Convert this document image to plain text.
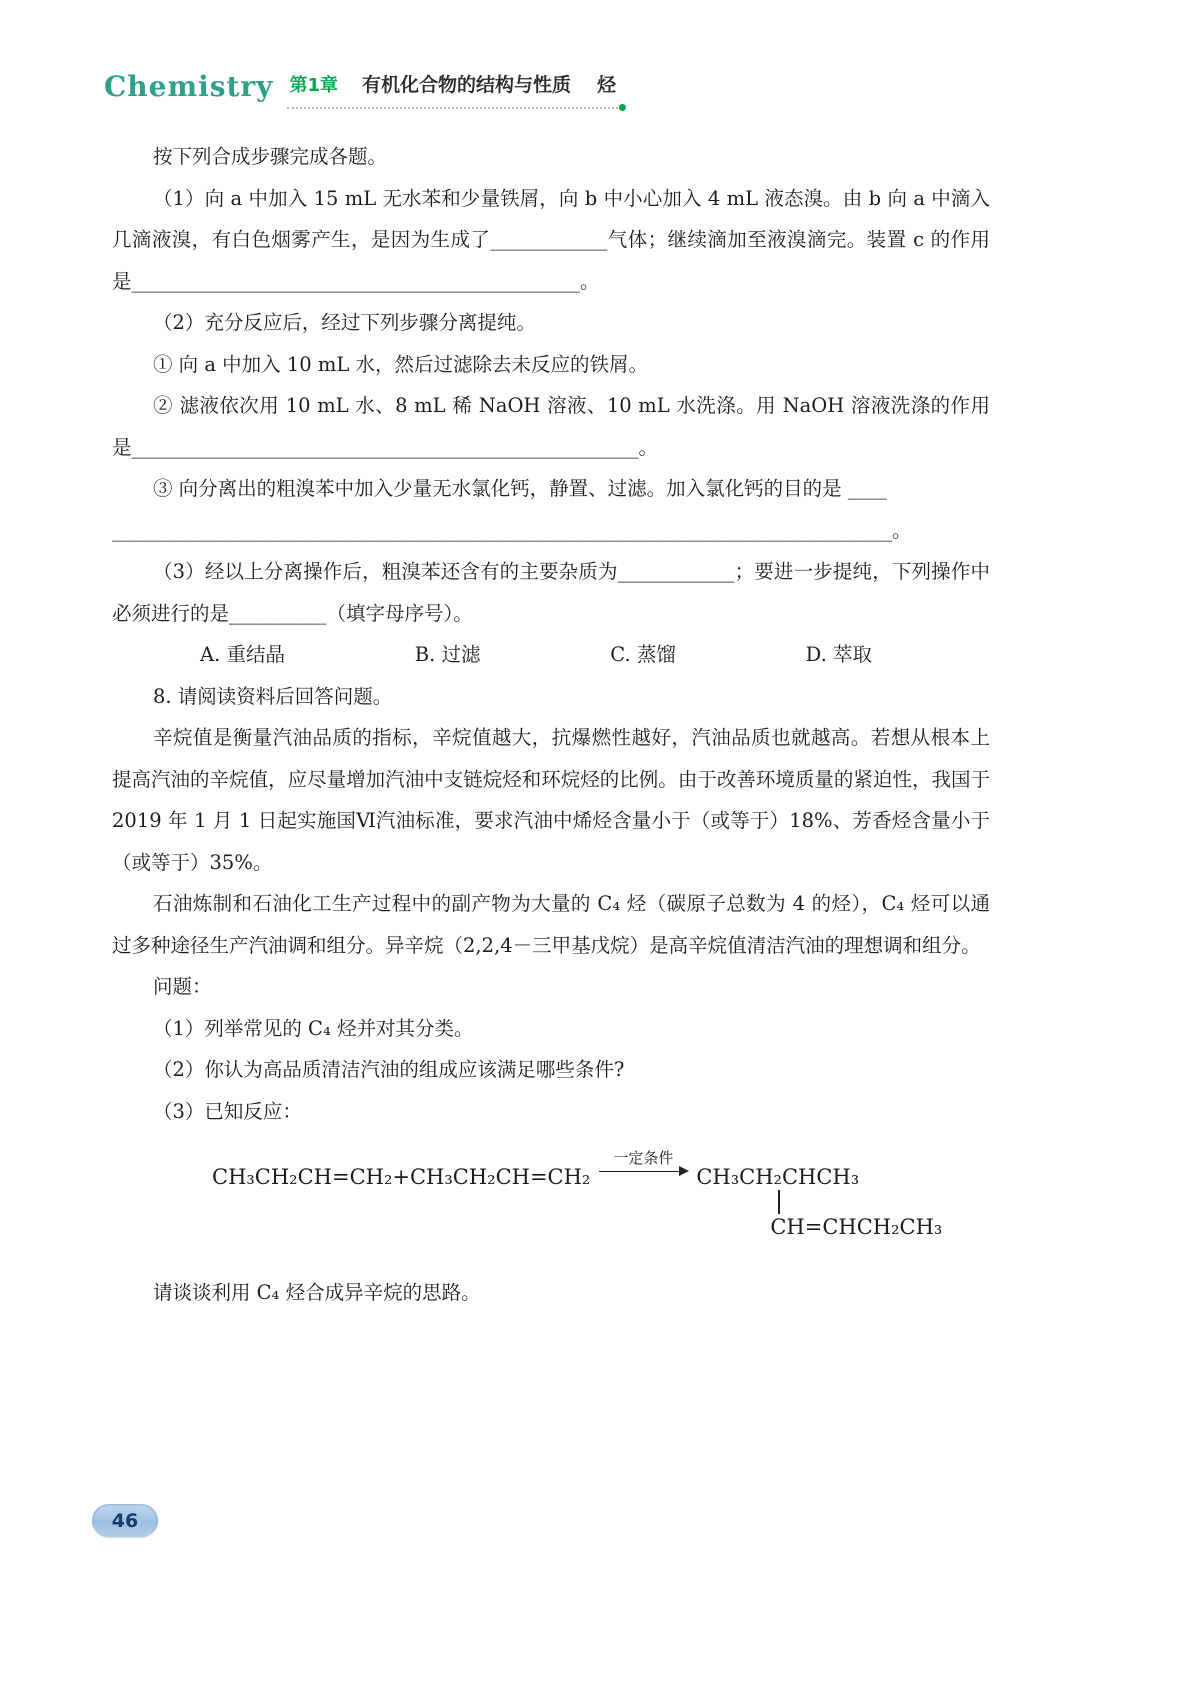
Chemistry 第1章 有机化合物的结构与性质 烃

按下列合成步骤完成各题。

（1）向 a 中加入 15 mL 无水苯和少量铁屑，向 b 中小心加入 4 mL 液态溴。由 b 向 a 中滴入几滴液溴，有白色烟雾产生，是因为生成了____________气体；继续滴加至液溴滴完。装置 c 的作用是______________________________________________。

（2）充分反应后，经过下列步骤分离提纯。

① 向 a 中加入 10 mL 水，然后过滤除去未反应的铁屑。

② 滤液依次用 10 mL 水、8 mL 稀 NaOH 溶液、10 mL 水洗涤。用 NaOH 溶液洗涤的作用是____________________________________________________。

③ 向分离出的粗溴苯中加入少量无水氯化钙，静置、过滤。加入氯化钙的目的是 ____

________________________________________________________________________________。

（3）经以上分离操作后，粗溴苯还含有的主要杂质为____________；要进一步提纯，下列操作中必须进行的是__________（填字母序号）。

A. 重结晶	B. 过滤	C. 蒸馏	D. 萃取

8. 请阅读资料后回答问题。

辛烷值是衡量汽油品质的指标，辛烷值越大，抗爆燃性越好，汽油品质也就越高。若想从根本上提高汽油的辛烷值，应尽量增加汽油中支链烷烃和环烷烃的比例。由于改善环境质量的紧迫性，我国于 2019 年 1 月 1 日起实施国Ⅵ汽油标准，要求汽油中烯烃含量小于（或等于）18%、芳香烃含量小于（或等于）35%。

石油炼制和石油化工生产过程中的副产物为大量的 C₄ 烃（碳原子总数为 4 的烃），C₄ 烃可以通过多种途径生产汽油调和组分。异辛烷（2,2,4－三甲基戊烷）是高辛烷值清洁汽油的理想调和组分。

问题：

（1）列举常见的 C₄ 烃并对其分类。

（2）你认为高品质清洁汽油的组成应该满足哪些条件?

（3）已知反应：

CH₃CH₂CH=CH₂+CH₃CH₂CH=CH₂
一定条件
CH₃CH₂CHCH₃
CH=CHCH₂CH₃

请谈谈利用 C₄ 烃合成异辛烷的思路。

46
